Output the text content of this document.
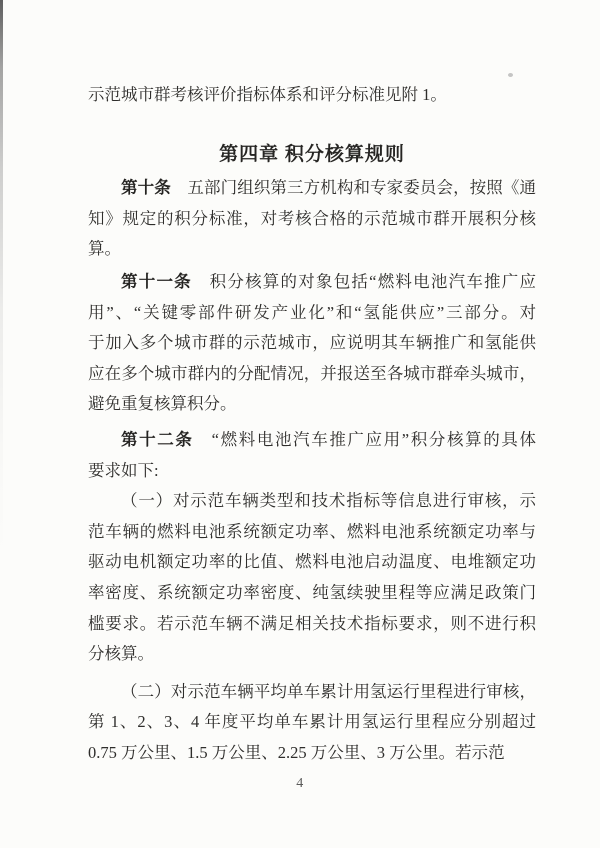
示范城市群考核评价指标体系和评分标准见附 1。
第四章 积分核算规则
第十条　五部门组织第三方机构和专家委员会，按照《通
知》规定的积分标准，对考核合格的示范城市群开展积分核
算。
第十一条　积分核算的对象包括“燃料电池汽车推广应
用”、“关键零部件研发产业化”和“氢能供应”三部分。对
于加入多个城市群的示范城市，应说明其车辆推广和氢能供
应在多个城市群内的分配情况，并报送至各城市群牵头城市，
避免重复核算积分。
第十二条　“燃料电池汽车推广应用”积分核算的具体
要求如下:
（一）对示范车辆类型和技术指标等信息进行审核，示
范车辆的燃料电池系统额定功率、燃料电池系统额定功率与
驱动电机额定功率的比值、燃料电池启动温度、电堆额定功
率密度、系统额定功率密度、纯氢续驶里程等应满足政策门
槛要求。若示范车辆不满足相关技术指标要求，则不进行积
分核算。
（二）对示范车辆平均单车累计用氢运行里程进行审核，
第 1、2、3、4 年度平均单车累计用氢运行里程应分别超过
0.75 万公里、1.5 万公里、2.25 万公里、3 万公里。若示范
4
